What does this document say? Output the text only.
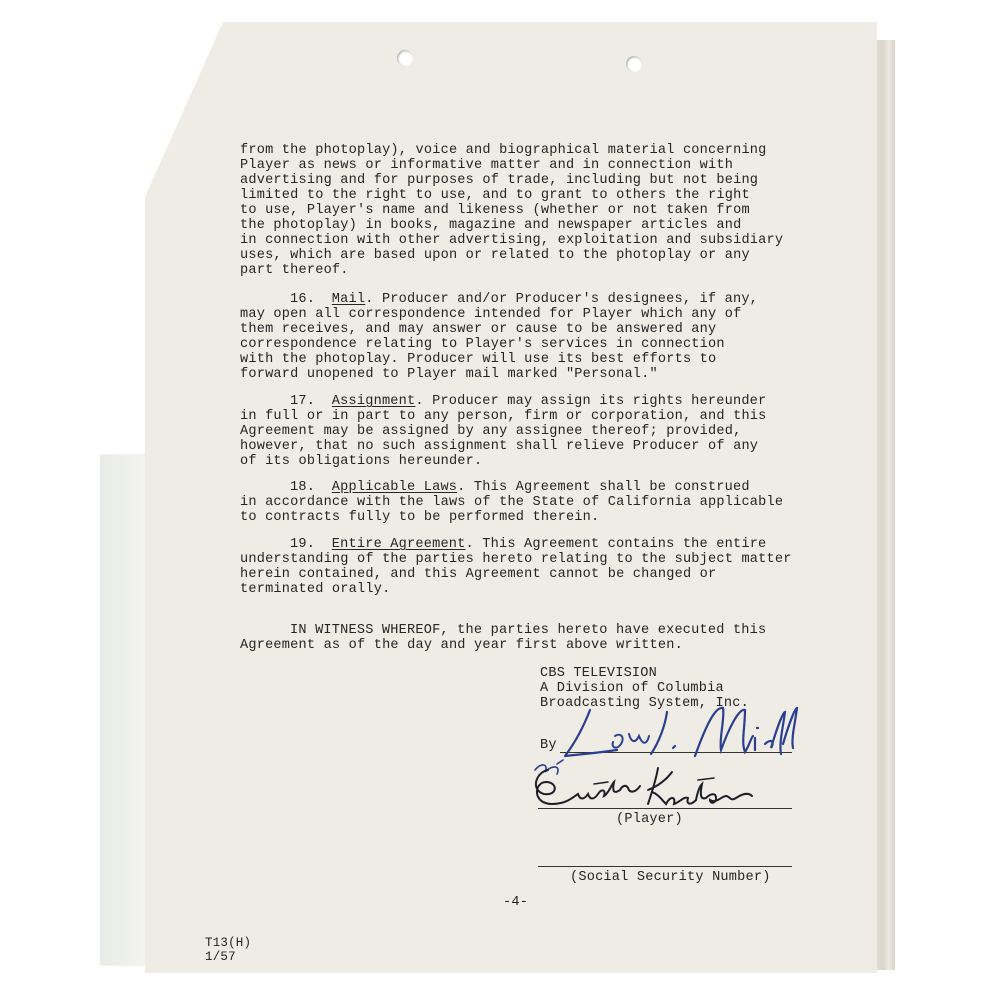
from the photoplay), voice and biographical material concerning
Player as news or informative matter and in connection with
advertising and for purposes of trade, including but not being
limited to the right to use, and to grant to others the right
to use, Player's name and likeness (whether or not taken from
the photoplay) in books, magazine and newspaper articles and
in connection with other advertising, exploitation and subsidiary
uses, which are based upon or related to the photoplay or any
part thereof.
16. Mail. Producer and/or Producer's designees, if any,
may open all correspondence intended for Player which any of
them receives, and may answer or cause to be answered any
correspondence relating to Player's services in connection
with the photoplay. Producer will use its best efforts to
forward unopened to Player mail marked "Personal."
17. Assignment. Producer may assign its rights hereunder
in full or in part to any person, firm or corporation, and this
Agreement may be assigned by any assignee thereof; provided,
however, that no such assignment shall relieve Producer of any
of its obligations hereunder.
18. Applicable Laws. This Agreement shall be construed
in accordance with the laws of the State of California applicable
to contracts fully to be performed therein.
19. Entire Agreement. This Agreement contains the entire
understanding of the parties hereto relating to the subject matter
herein contained, and this Agreement cannot be changed or
terminated orally.
IN WITNESS WHEREOF, the parties hereto have executed this
Agreement as of the day and year first above written.
CBS TELEVISION
A Division of Columbia
Broadcasting System, Inc.
By
(Player)
(Social Security Number)
-4-
T13(H)
1/57
